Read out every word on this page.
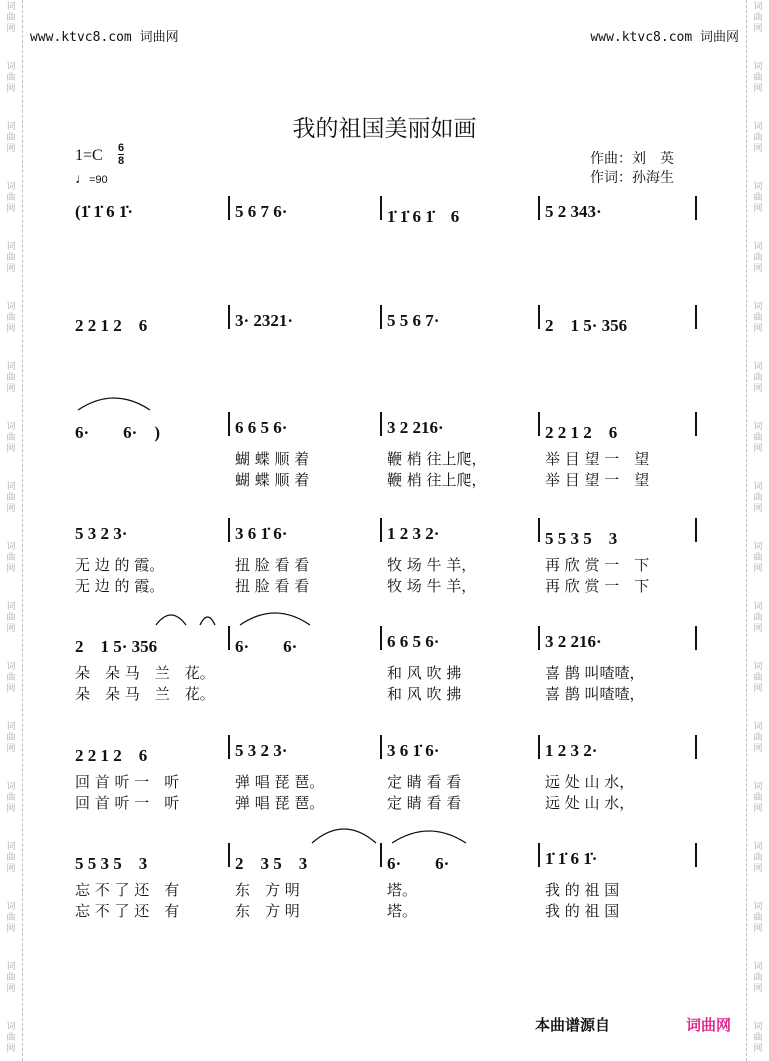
词
曲
网
词
曲
网
词
曲
网
词
曲
网
词
曲
网
词
曲
网
词
曲
网
词
曲
网
词
曲
网
词
曲
网
词
曲
网
词
曲
网
词
曲
网
词
曲
网
词
曲
网
词
曲
网
词
曲
网
词
曲
网
词
曲
网
词
曲
网
词
曲
网
词
曲
网
词
曲
网
词
曲
网
词
曲
网
词
曲
网
词
曲
网
词
曲
网
词
曲
网
词
曲
网
词
曲
网
词
曲
网
词
曲
网
词
曲
网
词
曲
网
词
曲
网
www.ktvc8.com 词曲网	www.ktvc8.com 词曲网
我的祖国美丽如画
1=C 6
8
♩=90
作曲：刘　英
作词：孙海生
(1̇ 1̇ 6 1̇·	5 6 7 6·	1̇ 1̇ 6 1̇　6	5 2 343·
2 2 1 2　6	3· 2321·	5 5 6 7·	2　1 5· 356
6·　　6·　)	6 6 5 6·	3 2 216·	2 2 1 2　6
蝴 蝶 顺 着	鞭 梢 往上爬，	举 目 望 一　望
蝴 蝶 顺 着	鞭 梢 往上爬，	举 目 望 一　望
5 3 2 3·	3 6 1̇ 6·	1 2 3 2·	5 5 3 5　3
无 边 的 霞。	扭 脸 看 看	牧 场 牛 羊，	再 欣 赏 一　下
无 边 的 霞。	扭 脸 看 看	牧 场 牛 羊，	再 欣 赏 一　下
2　1 5· 356	6·　　6·	6 6 5 6·	3 2 216·
朵　朵 马　兰　花。	和 风 吹 拂	喜 鹊 叫喳喳，
朵　朵 马　兰　花。	和 风 吹 拂	喜 鹊 叫喳喳，
2 2 1 2　6	5 3 2 3·	3 6 1̇ 6·	1 2 3 2·
回 首 听 一　听	弹 唱 琵 琶。	定 睛 看 看	远 处 山 水，
回 首 听 一　听	弹 唱 琵 琶。	定 睛 看 看	远 处 山 水，
5 5 3 5　3	2　3 5　3	6·　　6·	1̇ 1̇ 6 1̇·
忘 不 了 还　有	东　方 明	塔。	我 的 祖 国
忘 不 了 还　有	东　方 明	塔。	我 的 祖 国
本曲谱源自	词曲网
